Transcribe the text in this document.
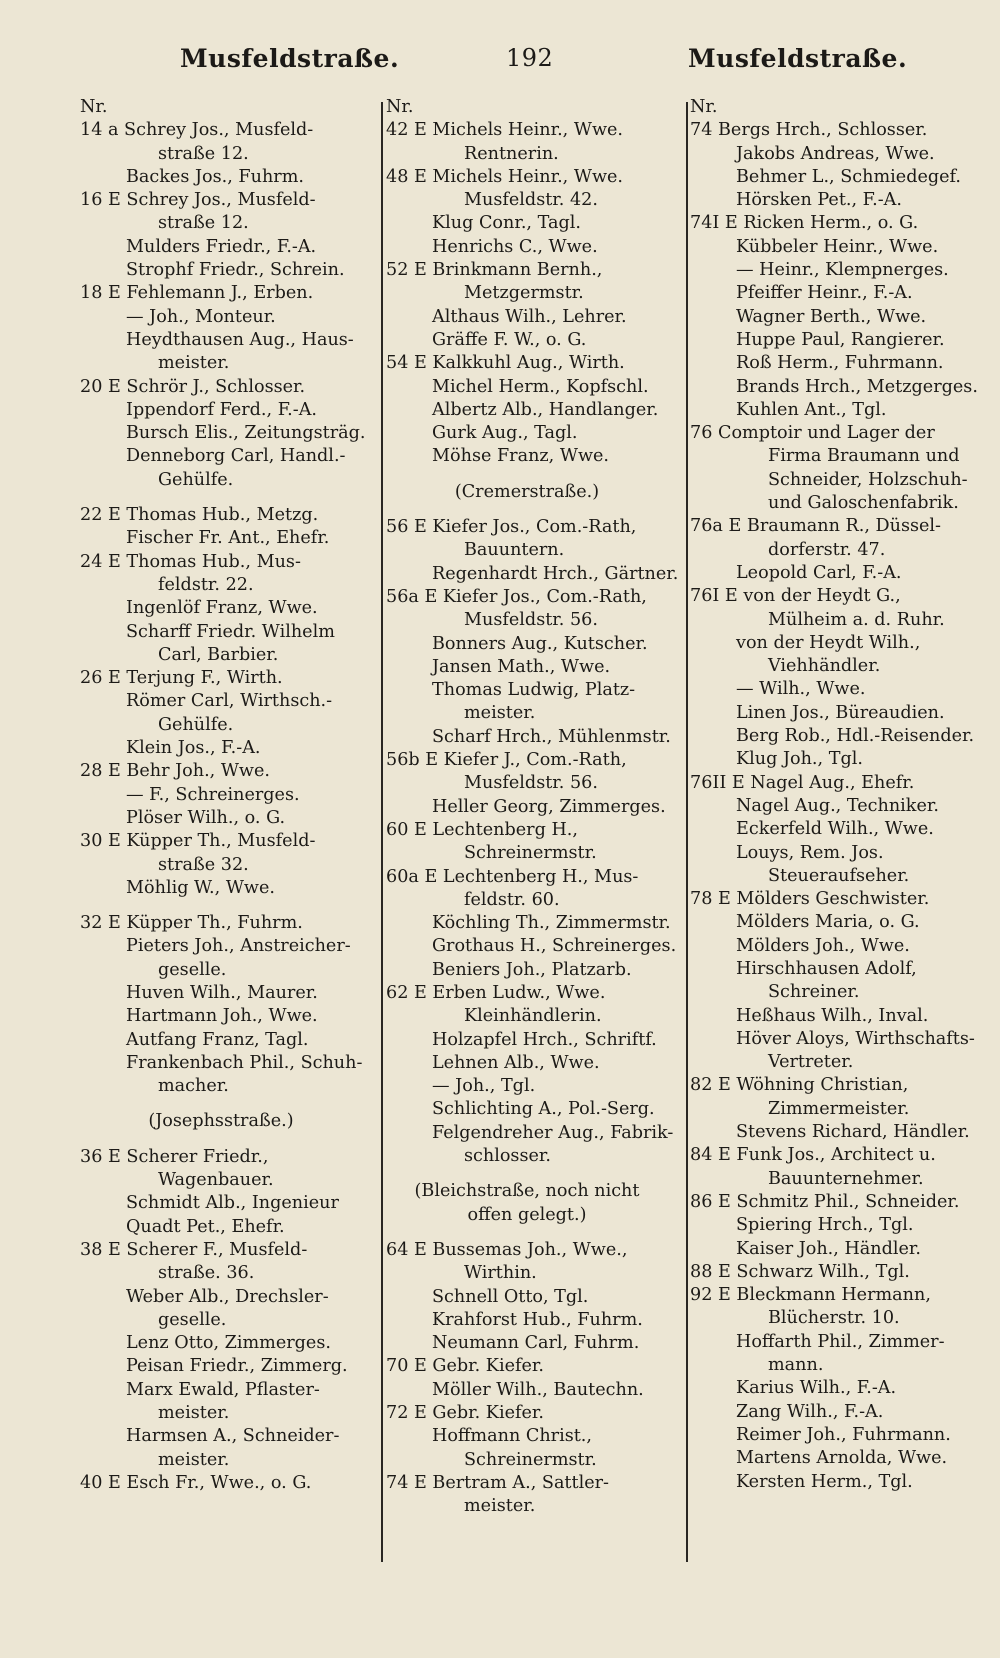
Musfeldstraße.	192	Musfeldstraße.
Nr.
14 a Schrey Jos., Musfeld-
straße 12.
Backes Jos., Fuhrm.
16 E Schrey Jos., Musfeld-
straße 12.
Mulders Friedr., F.-A.
Strophf Friedr., Schrein.
18 E Fehlemann J., Erben.
— Joh., Monteur.
Heydthausen Aug., Haus-
meister.
20 E Schrör J., Schlosser.
Ippendorf Ferd., F.-A.
Bursch Elis., Zeitungsträg.
Denneborg Carl, Handl.-
Gehülfe.
22 E Thomas Hub., Metzg.
Fischer Fr. Ant., Ehefr.
24 E Thomas Hub., Mus-
feldstr. 22.
Ingenlöf Franz, Wwe.
Scharff Friedr. Wilhelm
Carl, Barbier.
26 E Terjung F., Wirth.
Römer Carl, Wirthsch.-
Gehülfe.
Klein Jos., F.-A.
28 E Behr Joh., Wwe.
— F., Schreinerges.
Plöser Wilh., o. G.
30 E Küpper Th., Musfeld-
straße 32.
Möhlig W., Wwe.
32 E Küpper Th., Fuhrm.
Pieters Joh., Anstreicher-
geselle.
Huven Wilh., Maurer.
Hartmann Joh., Wwe.
Autfang Franz, Tagl.
Frankenbach Phil., Schuh-
macher.
(Josephsstraße.)
36 E Scherer Friedr.,
Wagenbauer.
Schmidt Alb., Ingenieur
Quadt Pet., Ehefr.
38 E Scherer F., Musfeld-
straße. 36.
Weber Alb., Drechsler-
geselle.
Lenz Otto, Zimmerges.
Peisan Friedr., Zimmerg.
Marx Ewald, Pflaster-
meister.
Harmsen A., Schneider-
meister.
40 E Esch Fr., Wwe., o. G.
Nr.
42 E Michels Heinr., Wwe.
Rentnerin.
48 E Michels Heinr., Wwe.
Musfeldstr. 42.
Klug Conr., Tagl.
Henrichs C., Wwe.
52 E Brinkmann Bernh.,
Metzgermstr.
Althaus Wilh., Lehrer.
Gräffe F. W., o. G.
54 E Kalkkuhl Aug., Wirth.
Michel Herm., Kopfschl.
Albertz Alb., Handlanger.
Gurk Aug., Tagl.
Möhse Franz, Wwe.
(Cremerstraße.)
56 E Kiefer Jos., Com.-Rath,
Bauuntern.
Regenhardt Hrch., Gärtner.
56a E Kiefer Jos., Com.-Rath,
Musfeldstr. 56.
Bonners Aug., Kutscher.
Jansen Math., Wwe.
Thomas Ludwig, Platz-
meister.
Scharf Hrch., Mühlenmstr.
56b E Kiefer J., Com.-Rath,
Musfeldstr. 56.
Heller Georg, Zimmerges.
60 E Lechtenberg H.,
Schreinermstr.
60a E Lechtenberg H., Mus-
feldstr. 60.
Köchling Th., Zimmermstr.
Grothaus H., Schreinerges.
Beniers Joh., Platzarb.
62 E Erben Ludw., Wwe.
Kleinhändlerin.
Holzapfel Hrch., Schriftf.
Lehnen Alb., Wwe.
— Joh., Tgl.
Schlichting A., Pol.-Serg.
Felgendreher Aug., Fabrik-
schlosser.
(Bleichstraße, noch nicht
offen gelegt.)
64 E Bussemas Joh., Wwe.,
Wirthin.
Schnell Otto, Tgl.
Krahforst Hub., Fuhrm.
Neumann Carl, Fuhrm.
70 E Gebr. Kiefer.
Möller Wilh., Bautechn.
72 E Gebr. Kiefer.
Hoffmann Christ.,
Schreinermstr.
74 E Bertram A., Sattler-
meister.
Nr.
74 Bergs Hrch., Schlosser.
Jakobs Andreas, Wwe.
Behmer L., Schmiedegef.
Hörsken Pet., F.-A.
74I E Ricken Herm., o. G.
Kübbeler Heinr., Wwe.
— Heinr., Klempnerges.
Pfeiffer Heinr., F.-A.
Wagner Berth., Wwe.
Huppe Paul, Rangierer.
Roß Herm., Fuhrmann.
Brands Hrch., Metzgerges.
Kuhlen Ant., Tgl.
76 Comptoir und Lager der
Firma Braumann und
Schneider, Holzschuh-
und Galoschenfabrik.
76a E Braumann R., Düssel-
dorferstr. 47.
Leopold Carl, F.-A.
76I E von der Heydt G.,
Mülheim a. d. Ruhr.
von der Heydt Wilh.,
Viehhändler.
— Wilh., Wwe.
Linen Jos., Büreaudien.
Berg Rob., Hdl.-Reisender.
Klug Joh., Tgl.
76II E Nagel Aug., Ehefr.
Nagel Aug., Techniker.
Eckerfeld Wilh., Wwe.
Louys, Rem. Jos.
Steueraufseher.
78 E Mölders Geschwister.
Mölders Maria, o. G.
Mölders Joh., Wwe.
Hirschhausen Adolf,
Schreiner.
Heßhaus Wilh., Inval.
Höver Aloys, Wirthschafts-
Vertreter.
82 E Wöhning Christian,
Zimmermeister.
Stevens Richard, Händler.
84 E Funk Jos., Architect u.
Bauunternehmer.
86 E Schmitz Phil., Schneider.
Spiering Hrch., Tgl.
Kaiser Joh., Händler.
88 E Schwarz Wilh., Tgl.
92 E Bleckmann Hermann,
Blücherstr. 10.
Hoffarth Phil., Zimmer-
mann.
Karius Wilh., F.-A.
Zang Wilh., F.-A.
Reimer Joh., Fuhrmann.
Martens Arnolda, Wwe.
Kersten Herm., Tgl.
